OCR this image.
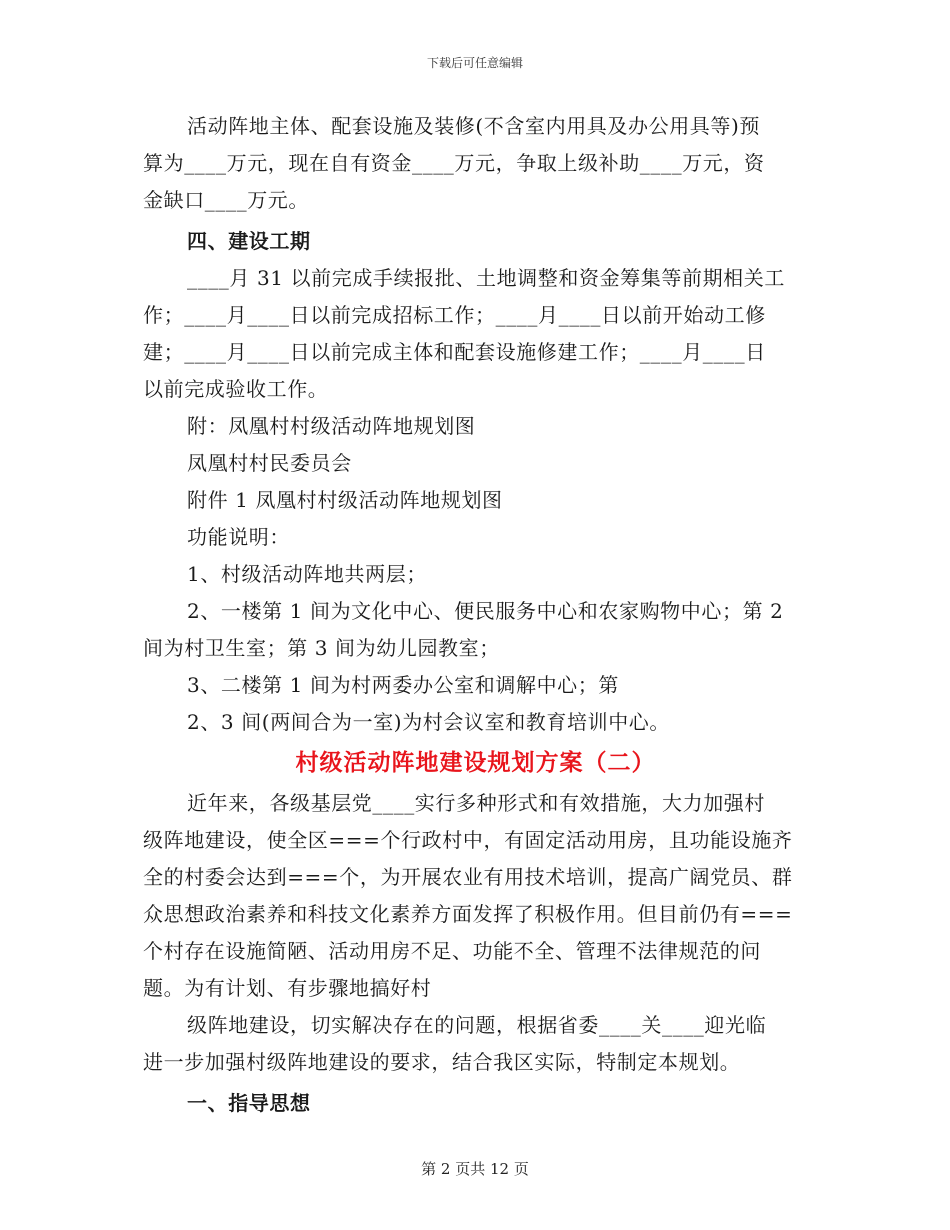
下载后可任意编辑
活动阵地主体、配套设施及装修(不含室内用具及办公用具等)预
算为____万元，现在自有资金____万元，争取上级补助____万元，资
金缺口____万元。
四、建设工期
____月 31 以前完成手续报批、土地调整和资金筹集等前期相关工
作；____月____日以前完成招标工作；____月____日以前开始动工修
建；____月____日以前完成主体和配套设施修建工作；____月____日
以前完成验收工作。
附：凤凰村村级活动阵地规划图
凤凰村村民委员会
附件 1 凤凰村村级活动阵地规划图
功能说明：
1、村级活动阵地共两层；
2、一楼第 1 间为文化中心、便民服务中心和农家购物中心；第 2
间为村卫生室；第 3 间为幼儿园教室；
3、二楼第 1 间为村两委办公室和调解中心；第
2、3 间(两间合为一室)为村会议室和教育培训中心。
村级活动阵地建设规划方案（二）
近年来，各级基层党____实行多种形式和有效措施，大力加强村
级阵地建设，使全区===个行政村中，有固定活动用房，且功能设施齐
全的村委会达到===个，为开展农业有用技术培训，提高广阔党员、群
众思想政治素养和科技文化素养方面发挥了积极作用。但目前仍有===
个村存在设施简陋、活动用房不足、功能不全、管理不法律规范的问
题。为有计划、有步骤地搞好村
级阵地建设，切实解决存在的问题，根据省委____关____迎光临
进一步加强村级阵地建设的要求，结合我区实际，特制定本规划。
一、指导思想
第 2 页共 12 页
